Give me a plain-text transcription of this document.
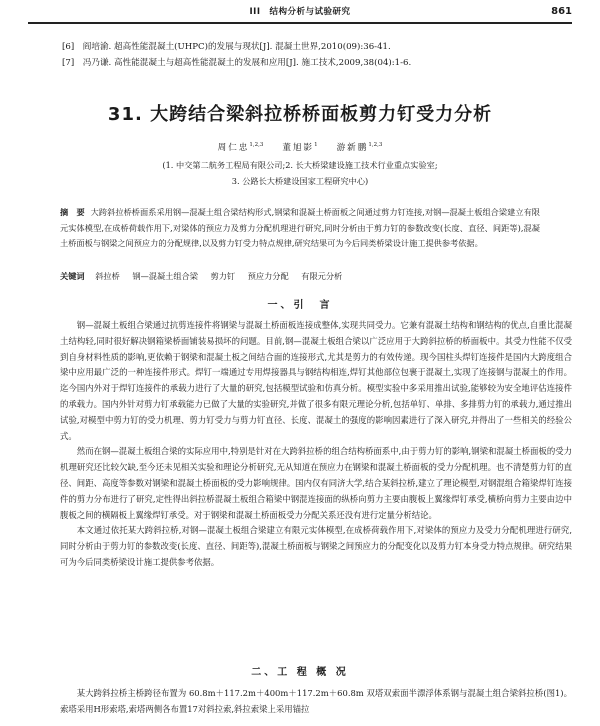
III　结构分析与试验研究	861
[6]　阎培渝. 超高性能混凝土(UHPC)的发展与现状[J]. 混凝土世界,2010(09):36-41.
[7]　冯乃谦. 高性能混凝土与超高性能混凝土的发展和应用[J]. 施工技术,2009,38(04):1-6.
31. 大跨结合梁斜拉桥桥面板剪力钉受力分析
周仁忠$^{1,2,3}$ 董旭影$^1$ 游新鹏$^{1,2,3}$
(1. 中交第二航务工程局有限公司;2. 长大桥梁建设施工技术行业重点实验室;
3. 公路长大桥建设国家工程研究中心)
摘　要 大跨斜拉桥桥面系采用钢—混凝土组合梁结构形式,钢梁和混凝土桥面板之间通过剪力钉连接,对钢—混凝土板组合梁建立有限元实体模型,在成桥荷载作用下,对梁体的预应力及剪力分配机理进行研究,同时分析由于剪力钉的参数改变(长度、直径、间距等),混凝土桥面板与钢梁之间预应力的分配规律,以及剪力钉受力特点规律,研究结果可为今后同类桥梁设计施工提供参考依据。
关键词 斜拉桥 钢—混凝土组合梁 剪力钉 预应力分配 有限元分析
一、引　言

钢—混凝土板组合梁通过抗剪连接件将钢梁与混凝土桥面板连接成整体,实现共同受力。它兼有混凝土结构和钢结构的优点,自重比混凝土结构轻,同时很好解决钢箱梁桥面铺装易损坏的问题。目前,钢—混凝土板组合梁以广泛应用于大跨斜拉桥的桥面板中。其受力性能不仅受到自身材料性质的影响,更依赖于钢梁和混凝土板之间结合面的连接形式,尤其是剪力的有效传递。现今国柱头焊钉连接件是国内大跨度组合梁中应用最广泛的一种连接件形式。焊钉一端通过专用焊接器具与钢结构相连,焊钉其他部位包裹于混凝土,实现了连接钢与混凝土的作用。迄今国内外对于焊钉连接件的承载力进行了大量的研究,包括模型试验和仿真分析。模型实验中多采用推出试验,能够较为安全地评估连接件的承载力。国内外针对剪力钉承载能力已做了大量的实验研究,并做了很多有限元理论分析,包括单钉、单排、多排剪力钉的承载力,通过推出试验,对模型中剪力钉的受力机理、剪力钉受力与剪力钉直径、长度、混凝土的强度的影响因素进行了深入研究,并得出了一些相关的经验公式。

然而在钢—混凝土板组合梁的实际应用中,特别是针对在大跨斜拉桥的组合结构桥面系中,由于剪力钉的影响,钢梁和混凝土桥面板的受力机理研究还比较欠缺,至今还未见相关实验和理论分析研究,无从知道在预应力在钢梁和混凝土桥面板的受力分配机理。也不清楚剪力钉的直径、间距、高度等参数对钢梁和混凝土桥面板的受力影响规律。国内仅有同济大学,结合某斜拉桥,建立了理论模型,对钢混组合箱梁焊钉连接件的剪力分布进行了研究,定性得出斜拉桥混凝土板组合箱梁中钢混连接面的纵桥向剪力主要由腹板上翼缘焊钉承受,横桥向剪力主要由边中腹板之间的横隔板上翼缘焊钉承受。对于钢梁和混凝土桥面板受力分配关系还没有进行定量分析结论。

本文通过依托某大跨斜拉桥,对钢—混凝土板组合梁建立有限元实体模型,在成桥荷载作用下,对梁体的预应力及受力分配机理进行研究,同时分析由于剪力钉的参数改变(长度、直径、间距等),混凝土桥面板与钢梁之间预应力的分配变化以及剪力钉本身受力特点规律。研究结果可为今后同类桥梁设计施工提供参考依据。

二、工 程 概 况

某大跨斜拉桥主桥跨径布置为 60.8m＋117.2m＋400m＋117.2m＋60.8m 双塔双索面半漂浮体系钢与混凝土组合梁斜拉桥(图1)。索塔采用H形索塔,索塔两侧各布置17对斜拉索,斜拉索梁上采用锚拉
